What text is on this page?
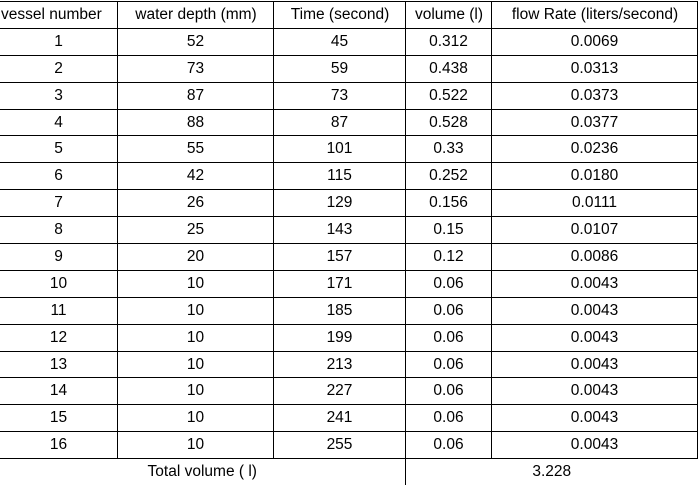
vessel number	water depth (mm)	Time (second)	volume (l)	flow Rate (liters/second)
1	52	45	0.312	0.0069
2	73	59	0.438	0.0313
3	87	73	0.522	0.0373
4	88	87	0.528	0.0377
5	55	101	0.33	0.0236
6	42	115	0.252	0.0180
7	26	129	0.156	0.0111
8	25	143	0.15	0.0107
9	20	157	0.12	0.0086
10	10	171	0.06	0.0043
11	10	185	0.06	0.0043
12	10	199	0.06	0.0043
13	10	213	0.06	0.0043
14	10	227	0.06	0.0043
15	10	241	0.06	0.0043
16	10	255	0.06	0.0043
Total volume ( l)			3.228	
